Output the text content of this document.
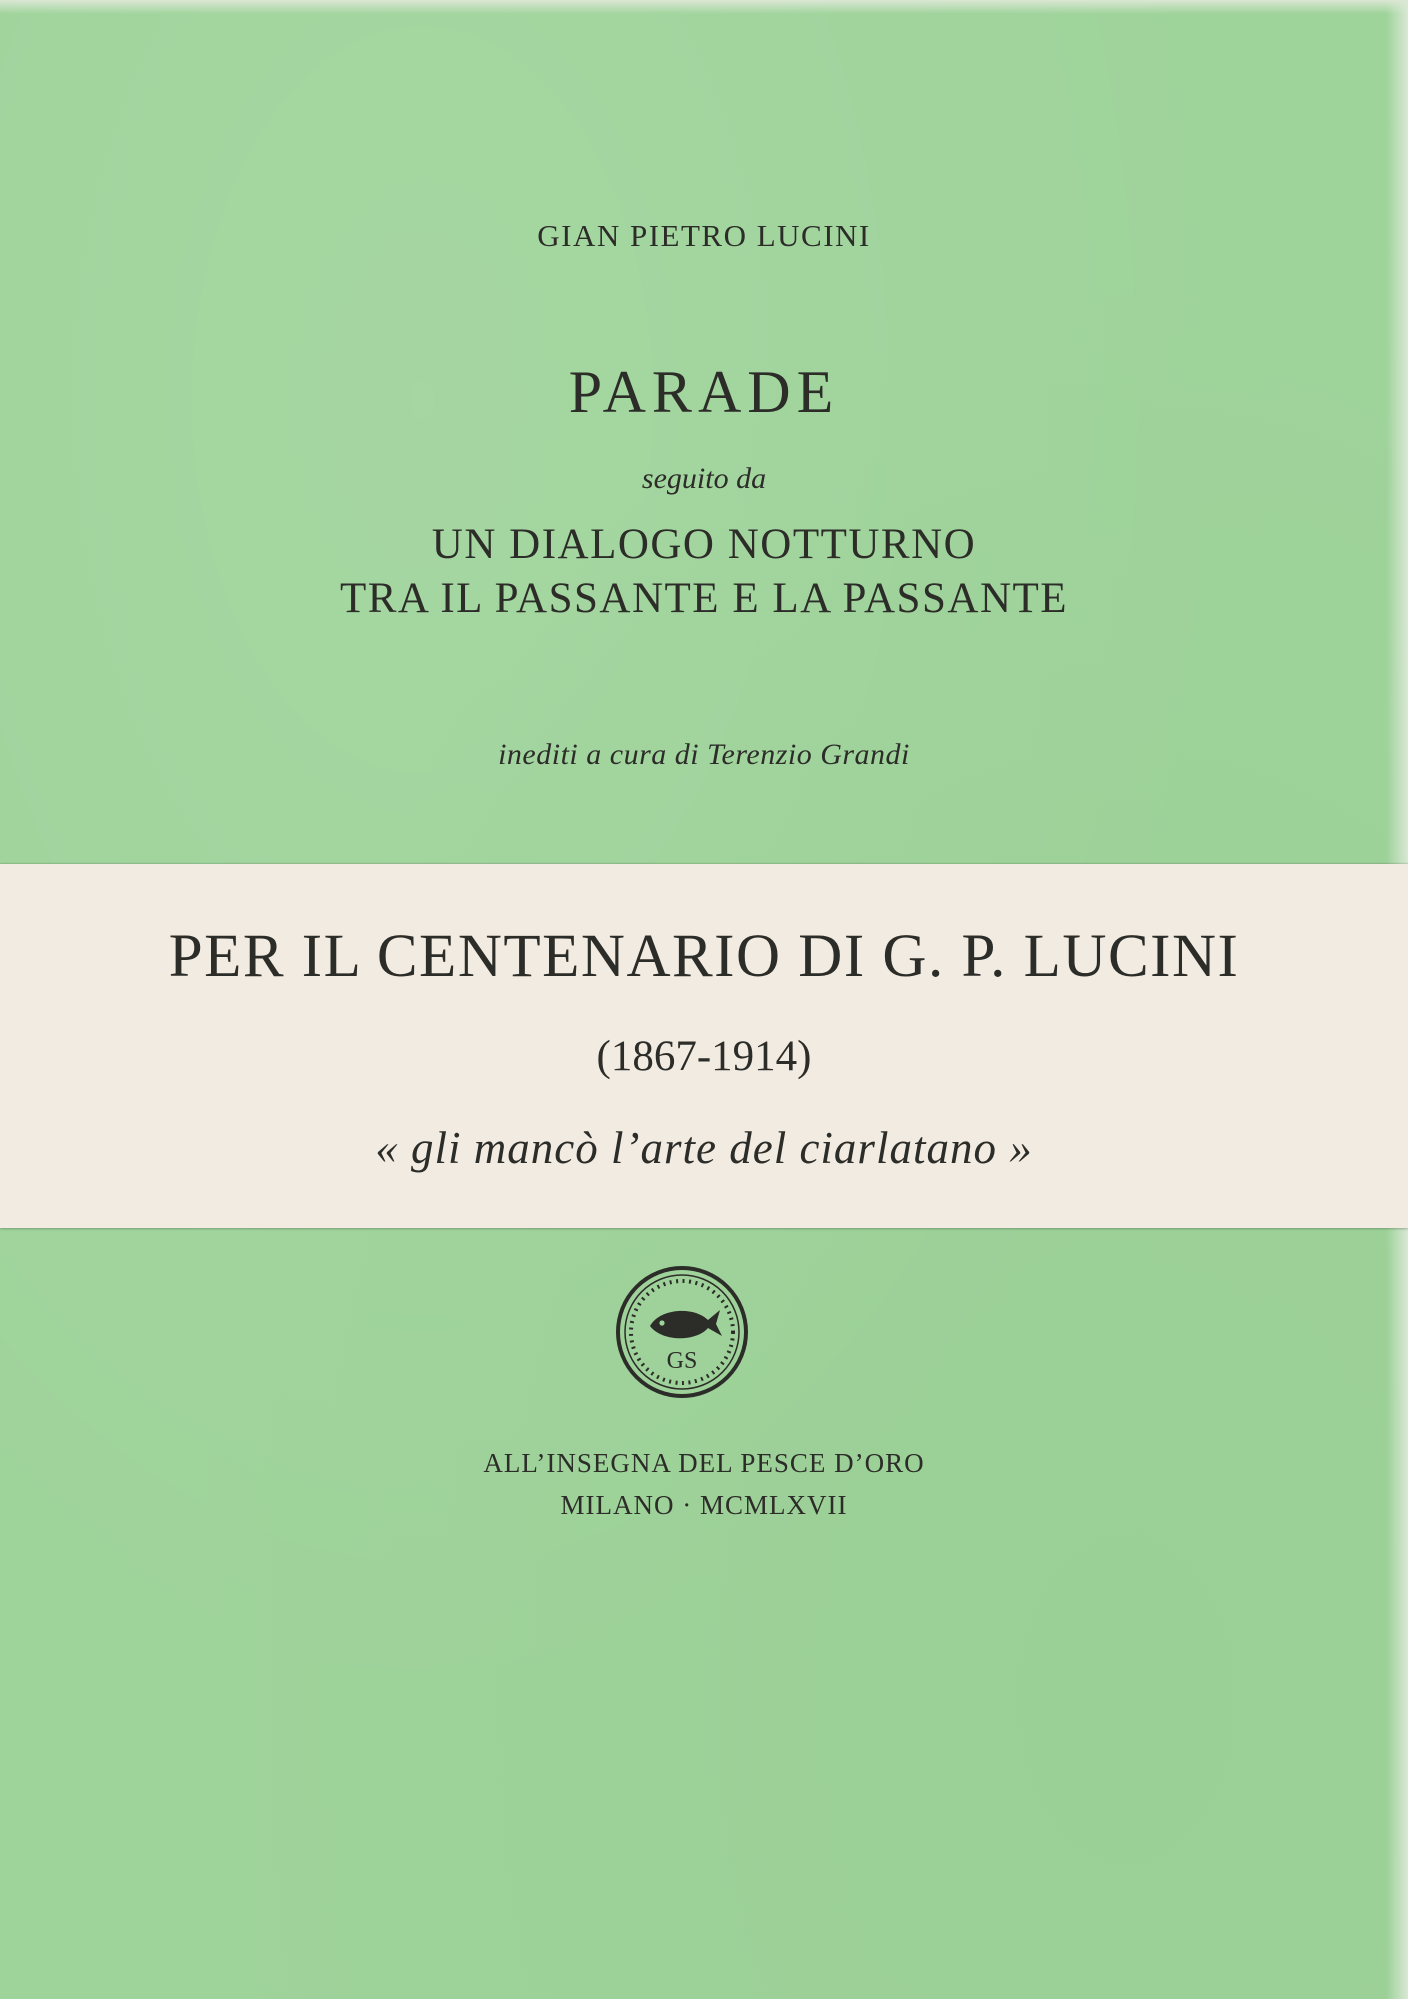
GIAN PIETRO LUCINI
PARADE
seguito da
UN DIALOGO NOTTURNO
TRA IL PASSANTE E LA PASSANTE
inediti a cura di Terenzio Grandi
PER IL CENTENARIO DI G. P. LUCINI
(1867-1914)
« gli mancò l’arte del ciarlatano »
GS
ALL’INSEGNA DEL PESCE D’ORO
MILANO · MCMLXVII
